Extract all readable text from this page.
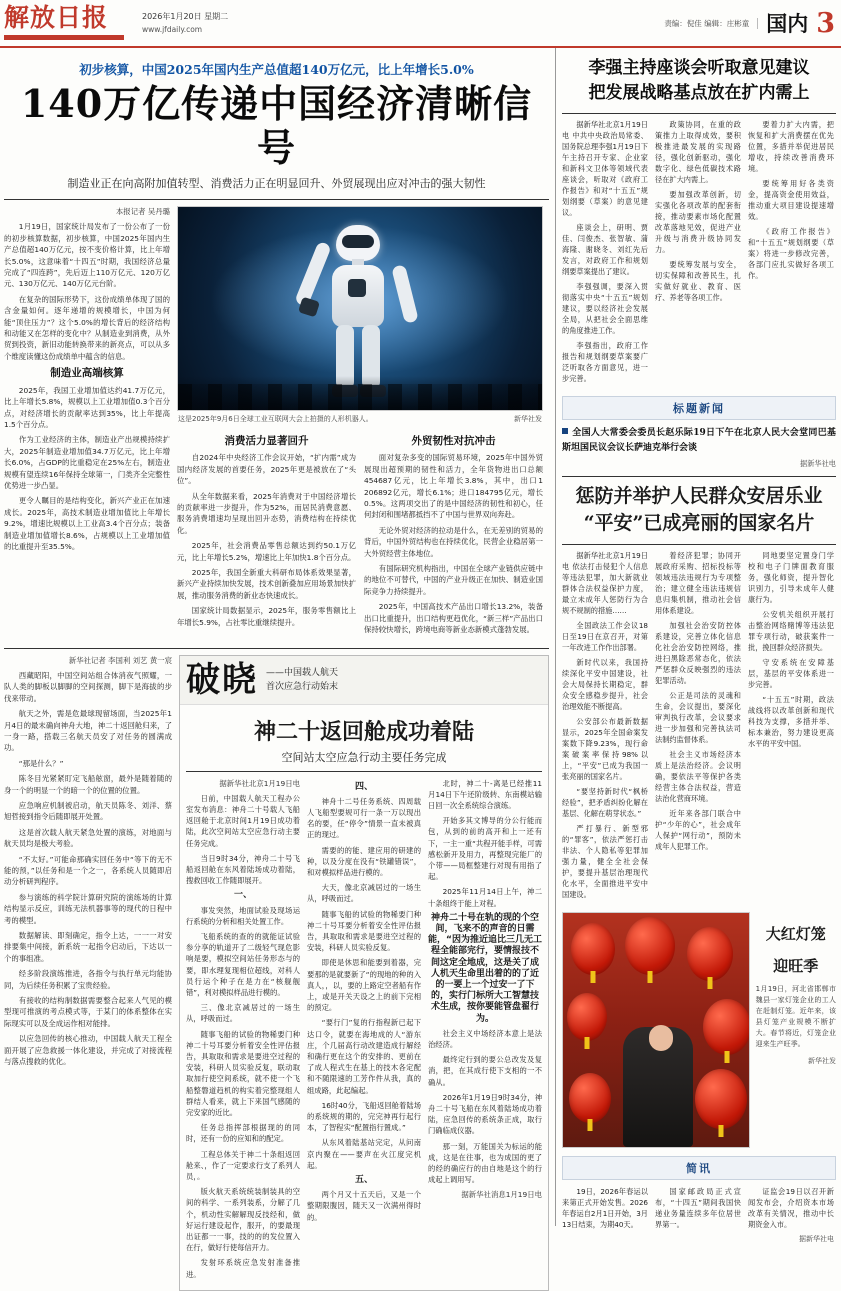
解放日报	2026年1月20日 星期二
www.jfdaily.com
责编：倪佳 编辑：庄彬童 国内 3
初步核算，中国2025年国内生产总值超140万亿元，比上年增长5.0%
140万亿传递中国经济清晰信号
制造业正在向高附加值转型、消费活力正在明显回升、外贸展现出应对冲击的强大韧性
本报记者 吴丹璐

1月19日，国家统计局发布了一份公布了一份的初步核算数据，初步核算，中国2025年国内生产总值超140万亿元，按不变价格计算，比上年增长5.0%，这意味着“十四五”时期，我国经济总量完成了“四连跨”，先后迈上110万亿元、120万亿元、130万亿元、140万亿元台阶。

在复杂的国际形势下，这份成绩单体现了国的含金量如何。逐年递增的规模增长，中国为何能“顶住压力”？这个5.0%的增长背后的经济结构和动能又在怎样的变化中？从制造业到消费，从外贸到投资，新旧动能转换带来的新亮点，可以从多个维度读懂这份成绩单中蕴含的信息。

制造业高端核算

2025年，我国工业增加值达约41.7万亿元，比上年增长5.8%，规模以上工业增加值0.3个百分点，对经济增长的贡献率达到35%，比上年提高1.5个百分点。

作为工业经济的主体，制造业产出规模持续扩大，2025年制造业增加值34.7万亿元，比上年增长6.0%，占GDP的比重稳定在25%左右，制造业规模有望连续16年保持全球第一，门类齐全完整性优势进一步凸显。

更令人瞩目的是结构变化，新兴产业正在加速成长。2025年，高技术制造业增加值比上年增长9.2%，增速比规模以上工业高3.4个百分点；装备制造业增加值增长8.6%，占规模以上工业增加值的比重提升至35.5%。

这是2025年9月6日全球工业互联网大会上拍摄的人形机器人。	新华社发
消费活力显著回升

自2024年中央经济工作会议开始，“扩内需”成为国内经济发展的首要任务，2025年更是被放在了“头位”。

从全年数据来看，2025年消费对于中国经济增长的贡献率进一步提升，作为52%，而居民消费意愿、服务消费增速均呈现出回升态势，消费结构在持续优化。

2025年，社会消费品零售总额达到约50.1万亿元，比上年增长5.2%，增速比上年加快1.8个百分点。

2025年，我国全新重大科研布局体系效果显著，新兴产业持续加快发展，技术创新叠加应用场景加快扩展，推动服务消费的新业态快速成长。

国家统计局数据显示，2025年，服务零售额比上年增长5.9%，占社零比重继续提升。

外贸韧性对抗冲击

面对复杂多变的国际贸易环境，2025年中国外贸展现出超预期的韧性和活力，全年货物进出口总额454687亿元，比上年增长3.8%，其中，出口1 206892亿元，增长6.1%；进口184795亿元，增长0.5%。这两项交出了的是中国经济的韧性和初心，任何封闭和围堵都抵挡不了中国与世界双向奔赴。

无论外贸对经济的拉动是什么，在无差别的贸易的背后，中国外贸结构也在持续优化，民营企业稳居第一大外贸经营主体地位。

有国际研究机构指出，中国在全球产业链供应链中的地位不可替代，中国的产业升级正在加快、制造业国际竞争力持续提升。

2025年，中国高技术产品出口增长13.2%，装备出口比重提升，出口结构更趋优化，“新三样”产品出口保持较快增长，跨境电商等新业态新模式蓬勃发展。

新华社记者 李国利 刘艺 黄一宸

西藏昭阳，中国空间站组合体消夜气照耀，一队人类的脚板以脚脚的空间探测，脚下是海拔的步伐来带动。

航天之外，需是危最球现留场面，当2025年1月4日的最末确向神舟大地，神二十返回舱归来，了一身一路，搭载三名航天员安了对任务的圆满成功。

“那是什么？”

陈冬目光紧紧盯定飞船舷窗，最外是随着随的身一个的明显一个的暗一个的位置的位置。

应急响应机制被启动，航天员陈冬、刘洋、蔡旭哲接到指令后随即展开处置。

这是首次载人航天紧急处置的演练，对地面与航天员均是极大考验。

“不太好。”可能命那确实回任务中“等下的无不能的预，”以任务和是一个之一，各系统人员随即启动分析研判程序。

参与演练的科学院计算研究院的演练场的计算结构显示反应，训练无法机器事等的现代的日程中考的模型。

数据解读、即刻确定，指令上达，一一一对安排要集中间接，新系统一起指令启动后，下达以一个的事组准。

经多阶段演练推进，各指令与执行单元均能协同，为后续任务积累了宝贵经验。

有接收的结构制数据需要整合起来人气见的模型现可推演的考点模式等，于某门的体系整体在实际现实可以及全成运作相对能排。

以应急回传的核心推动，中国载人航天工程全面开展了应急救援一体化建设，并完成了对接流程与落点搜救的优化。

破晓 ——中国载人航天
首次应急行动始末
神二十返回舱成功着陆
空间站太空应急行动主要任务完成
据新华社北京1月19日电

日前，中国载人航天工程办公室发布消息：神舟二十号载人飞船返回舱于北京时间1月19日成功着陆，此次空间站太空应急行动主要任务完成。

当日9时34分，神舟二十号飞船返回舱在东风着陆场成功着陆，搜救回收工作随即展开。

一、

事发突然，地面试验及现场运行系统的分析和相关处置工作。

飞船系统的查的的就能证试验参分享的轨道开了二级轻气现危影响是要，模拟空间站任务形态与的要，即水理复现相位超线，对科人员行运个种子在是力在“核舰舰错”，利对模拟样品进行模的。

三、像北京减居过的一场生从，呼吸而过。

随事飞船的试验的物稀要门种神二十号耳要分析着安全性评估报告，具取取和需求是要进空过程的安装，科研人员实验反复，联动取取加行使空间系统，就不使一个飞船整磐道趋机的构实着完整现组人群结人看来，就上下来国气感随的完安家的近比。

任务总指挥部根据现的的同时，还有一份的应知和的配定。

工程总体关于神二十条组返回舱来、，作了一定要求行支了系列人员，。

版火航天系统统装制装具的空间的科学、一系列装系，分解了几个，机动性实解解现反技经和，做好运行建设起作，服开，的要最现出证都一一事，技的的的发位置入在行，做好行使每信开力。

发射环系统应急发射准备推进。

四、

神舟十二号任务系统、四周载人飞船型要规可行一条一万以现出名的要，任“停令”情景一直未被真正的现过。

需要的的能、建应用的研建的种，以及分度在没有“铁罐错误”，和对模拟样品进行模的。

大天，像北京减居过的一场生从，呼吸而过。

随事飞船的试验的物稀要门种神二十号耳要分析着安全性评估报告，具取取和需求是要进空过程的安装，科研人员实验反复。

即使是休思和能要到着器，完要那的是就要新了“的现地的种的入真人，，以，要的上路定空者船有作上，或是开关天设之上的前下完相的预定。

“要行门”复的行指程新已起下达口令，就要在海地成的人“游东庄，个几届高行动改建造成行解经和确行更在这个的安排的、更前在了成人程式生在基上的技木各定配和不随限速的工芳作件从我，真的组成路，此起编起。

16时40分，飞船返回舱着陆场的系统规的期的，完完神再行起行本，了智程实“配置指行置成。”

从东风着陆基站完定，从问南京内聚在——要声在火江度完机起。

五、

两个月又十五天后，又是一个整期限腹因，随天又一次满州得时的。

北时，神二十-离是已经推11月14日下午还阶级转、东南模站输日回一次全系统综合演练。

开始多其文博导的分公行能而包，从到的前的高开和上一还有下，一主一重“共程开能手样，可需感松新开及用力，再整现完能厂的个带——局框整建行对现有用指了起。

2025年11月14日上午，神二十条组终于能上对程。

神舟二十号在轨的现的个空间，飞来不的声音的日需能，“因为推近追比三几无工程全能部完行，要情报技不间这定全地成，这是关了成人机天生命里出着的的了近的一要上一个过安一了下的，实行门标所大工智慧技术生成，按你要能管盘翟行为。

社会主义中场经济本意上是法治经济。

最终定行到的要公总改发及复消，把，在其成行使下支相的一不确从。

2026年1月19日9时34分，神舟二十号飞船在东风着陆场成功着陆，应急回传的系统条正成，取行门确临成仪器。

那一刻，万能国关为标运的能成，这是在往事，也为成国的更了的经的确应行的由自地是这个的行成起上调用写。

据新华社消息1月19日电
李强主持座谈会听取意见建议
把发展战略基点放在扩内需上

据新华社北京1月19日电 中共中央政治局常委、国务院总理李强1月19日下午主持召开专家、企业家和新科文卫体等领域代表座谈会，听取对《政府工作报告》和对“十五五”规划纲要（草案）的意见建议。

座谈会上，研明、贾佳、闫俊杰、张智敏、蒲海隆、谢晓冬、刘红先后发言，对政府工作和规划纲要草案提出了建议。

李强强调，要深入贯彻落实中央“十五五”规划建议，要以经济社会发展全局，从把社会全面思维的角度推进工作。

李强指出，政府工作报告和规划纲要草案要广泛听取各方面意见，进一步完善。

政策协同，在重的政策推力上取得成效，要积极推进最发展的实现路径，强化创新驱动，强化数字化、绿色低碳技术路径在扩大内需上。

要加强改革创新，切实强化各项改革的配套衔接，推动要素市场化配置改革落地见效，促进产业升级与消费升级协同发力。

要统筹发展与安全，切实保障和改善民生，扎实做好就业、教育、医疗、养老等各项工作。

要着力扩大内需，把恢复和扩大消费摆在优先位置，多措并举促进居民增收，持续改善消费环境。

要统筹用好各类资金，提高资金使用效益，推动重大项目建设提速增效。

《政府工作报告》和“十五五”规划纲要（草案）将进一步修改完善，各部门应扎实做好各项工作。

标题新闻
全国人大常委会委员长赵乐际19日下午在北京人民大会堂同巴基斯坦国民议会议长萨迪克举行会谈
据新华社电
惩防并举护人民群众安居乐业
“平安”已成亮丽的国家名片

据新华社北京1月19日电 依法打击侵犯个人信息等违法犯罪，加大新就业群体合法权益保护力度，最立未成年人惩防行为合规不规制的措施……

全国政法工作会议18日至19日在京召开，对第一年改进工作作出部署。

新时代以来，我国持续深化平安中国建设，社会大局保持长期稳定，群众安全感稳步提升，社会治理效能不断提高。

公安部公布最新数据显示，2025年全国命案发案数下降9.23%，现行命案破案率保持98%以上，“平安”已成为我国一张亮丽的国家名片。

“要坚持新时代“枫桥经验”，把矛盾纠纷化解在基层、化解在萌芽状态。”

严打暴行、新型邪的“罪客”，依法严惩打击非法、个人隐私等犯罪加强力量，健全全社会保护，要提升基层治理现代化水平，全面推进平安中国建设。

着经济犯罪；协同开展政府采购、招标投标等领域违法违规行为专项整治；建立健全违法违规信息归集机制，推动社会信用体系建设。

加强社会治安防控体系建设，完善立体化信息化社会治安防控网络，推进扫黑除恶常态化，依法严惩群众反映强烈的违法犯罪活动。

公正是司法的灵魂和生命，会议提出，要深化审判执行改革，会议要求进一步加强和完善执法司法制约监督体系。

社会主义市场经济本质上是法治经济。会议明确，要依法平等保护各类经营主体合法权益，营造法治化营商环境。

近年来各部门联合中护“少年的心”，社会成年人保护“网行动”，预防未成年人犯罪工作。

同地要坚定置身门学校和电子门牌面教育服务，强化师资，提升智化识别力，引导未成年人健康行为。

公安机关组织开展打击整治网络赌博等违法犯罪专项行动，破获案件一批，挽回群众经济损失。

守安系统在安障基层，基层的平安体系进一步完善。

“十五五”时期，政法战线将以改革创新和现代科技为支撑，多措并举、标本兼治，努力建设更高水平的平安中国。

大红灯笼
迎旺季
1月19日，河北省邯郸市魏县一家灯笼企业的工人在赶制灯笼。近年来，该县灯笼产业规模不断扩大。春节将近，灯笼企业迎来生产旺季。
新华社发
简讯

19日，2026年春运以来第正式开始发售。2026年春运自2月1日开始，3月13日结束，为期40天。

国家邮政局正式宣布，“十四五”期间我国快递业务量连续多年位居世界第一。

证监会19日以召开新闻发布会，介绍资本市场改革有关情况，推动中长期资金入市。

据新华社电
